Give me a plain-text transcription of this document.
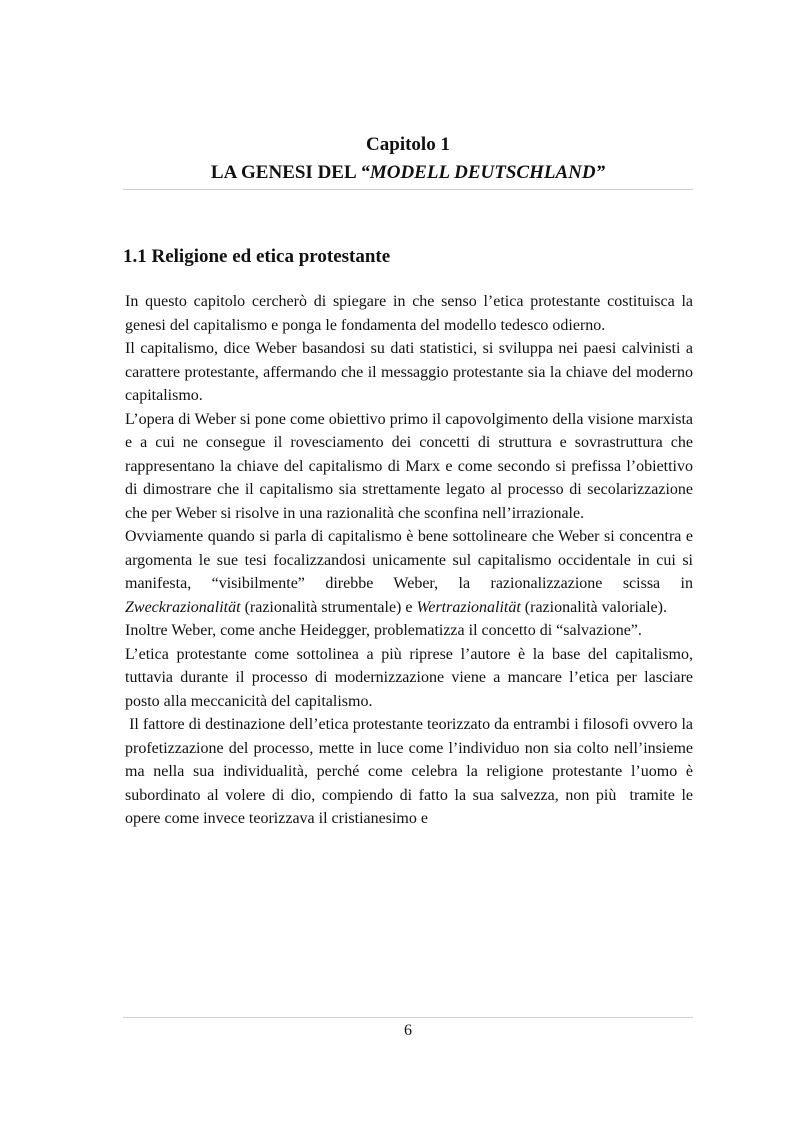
Capitolo 1
LA GENESI DEL “MODELL DEUTSCHLAND”
1.1 Religione ed etica protestante

In questo capitolo cercherò di spiegare in che senso l’etica protestante costituisca la genesi del capitalismo e ponga le fondamenta del modello tedesco odierno.

Il capitalismo, dice Weber basandosi su dati statistici, si sviluppa nei paesi calvinisti a carattere protestante, affermando che il messaggio protestante sia la chiave del moderno capitalismo.

L’opera di Weber si pone come obiettivo primo il capovolgimento della visione marxista e a cui ne consegue il rovesciamento dei concetti di struttura e sovrastruttura che rappresentano la chiave del capitalismo di Marx e come secondo si prefissa l’obiettivo di dimostrare che il capitalismo sia strettamente legato al processo di secolarizzazione che per Weber si risolve in una razionalità che sconfina nell’irrazionale.

Ovviamente quando si parla di capitalismo è bene sottolineare che Weber si concentra e argomenta le sue tesi focalizzandosi unicamente sul capitalismo occidentale in cui si manifesta, “visibilmente” direbbe Weber, la razionalizzazione scissa in Zweckrazionalität (razionalità strumentale) e Wertrazionalität (razionalità valoriale).

Inoltre Weber, come anche Heidegger, problematizza il concetto di “salvazione”.

L’etica protestante come sottolinea a più riprese l’autore è la base del capitalismo, tuttavia durante il processo di modernizzazione viene a mancare l’etica per lasciare posto alla meccanicità del capitalismo.

Il fattore di destinazione dell’etica protestante teorizzato da entrambi i filosofi ovvero la profetizzazione del processo, mette in luce come l’individuo non sia colto nell’insieme ma nella sua individualità, perché come celebra la religione protestante l’uomo è subordinato al volere di dio, compiendo di fatto la sua salvezza, non più  tramite le opere come invece teorizzava il cristianesimo e

6
